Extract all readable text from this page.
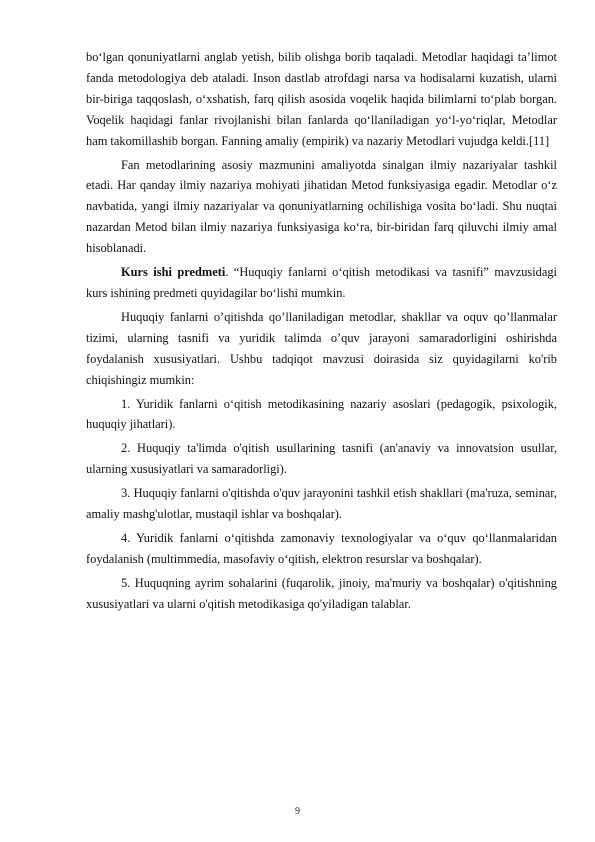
boʻlgan qonuniyatlarni anglab yetish, bilib olishga borib taqaladi. Metodlar haqidagi taʼlimot fanda metodologiya deb ataladi. Inson dastlab atrofdagi narsa va hodisalarni kuzatish, ularni bir-biriga taqqoslash, oʻxshatish, farq qilish asosida voqelik haqida bilimlarni toʻplab borgan. Voqelik haqidagi fanlar rivojlanishi bilan fanlarda qoʻllaniladigan yoʻl-yoʻriqlar, Metodlar ham takomillashib borgan. Fanning amaliy (empirik) va nazariy Metodlari vujudga keldi.[11]

Fan metodlarining asosiy mazmunini amaliyotda sinalgan ilmiy nazariyalar tashkil etadi. Har qanday ilmiy nazariya mohiyati jihatidan Metod funksiyasiga egadir. Metodlar oʻz navbatida, yangi ilmiy nazariyalar va qonuniyatlarning ochilishiga vosita boʻladi. Shu nuqtai nazardan Metod bilan ilmiy nazariya funksiyasiga koʻra, bir-biridan farq qiluvchi ilmiy amal hisoblanadi.

Kurs ishi predmeti. “Huquqiy fanlarni o‘qitish metodikasi va tasnifi” mavzusidagi kurs ishining predmeti quyidagilar bo‘lishi mumkin.

Huquqiy fanlarni o’qitishda qo’llaniladigan metodlar, shakllar va oquv qo’llanmalar tizimi, ularning tasnifi va yuridik talimda o’quv jarayoni samaradorligini oshirishda foydalanish xususiyatlari. Ushbu tadqiqot mavzusi doirasida siz quyidagilarni ko'rib chiqishingiz mumkin:

1. Yuridik fanlarni o‘qitish metodikasining nazariy asoslari (pedagogik, psixologik, huquqiy jihatlari).

2. Huquqiy ta'limda o'qitish usullarining tasnifi (an'anaviy va innovatsion usullar, ularning xususiyatlari va samaradorligi).

3. Huquqiy fanlarni o'qitishda o'quv jarayonini tashkil etish shakllari (ma'ruza, seminar, amaliy mashg'ulotlar, mustaqil ishlar va boshqalar).

4. Yuridik fanlarni o‘qitishda zamonaviy texnologiyalar va o‘quv qo‘llanmalaridan foydalanish (multimmedia, masofaviy o‘qitish, elektron resurslar va boshqalar).

5. Huquqning ayrim sohalarini (fuqarolik, jinoiy, ma'muriy va boshqalar) o'qitishning xususiyatlari va ularni o'qitish metodikasiga qo'yiladigan talablar.

9
